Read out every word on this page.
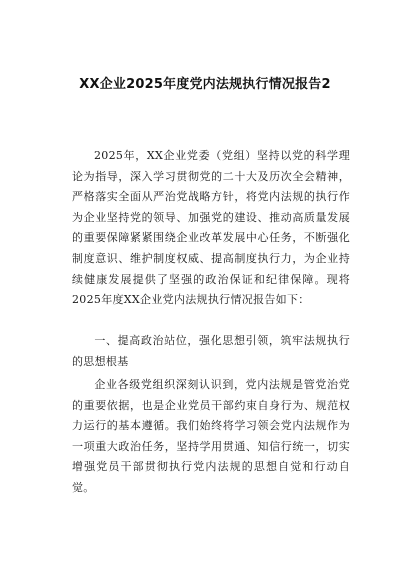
XX企业2025年度党内法规执行情况报告2
2025年，XX企业党委（党组）坚持以党的科学理论为指导，深入学习贯彻党的二十大及历次全会精神，严格落实全面从严治党战略方针，将党内法规的执行作为企业坚持党的领导、加强党的建设、推动高质量发展的重要保障紧紧围绕企业改革发展中心任务，不断强化制度意识、维护制度权威、提高制度执行力，为企业持续健康发展提供了坚强的政治保证和纪律保障。现将2025年度XX企业党内法规执行情况报告如下：
一、提高政治站位，强化思想引领，筑牢法规执行的思想根基
企业各级党组织深刻认识到，党内法规是管党治党的重要依据，也是企业党员干部约束自身行为、规范权力运行的基本遵循。我们始终将学习领会党内法规作为一项重大政治任务，坚持学用贯通、知信行统一，切实增强党员干部贯彻执行党内法规的思想自觉和行动自觉。
